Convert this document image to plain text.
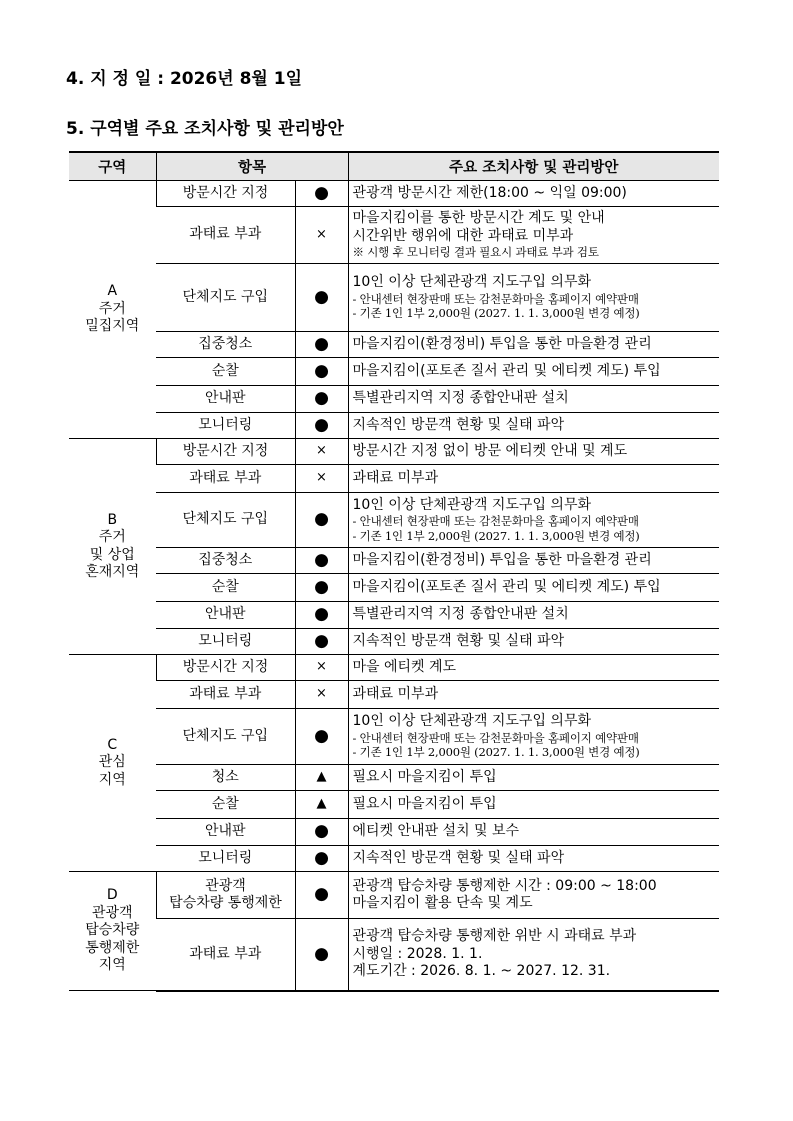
4. 지 정 일 : 2026년 8월 1일
5. 구역별 주요 조치사항 및 관리방안
구역	항목		주요 조치사항 및 관리방안

A
주거
밀집지역	방문시간 지정	●	관광객 방문시간 제한(18:00 ~ 익일 09:00)

	과태료 부과	×	마을지킴이를 통한 방문시간 계도 및 안내
시간위반 행위에 대한 과태료 미부과
※ 시행 후 모니터링 결과 필요시 과태료 부과 검토

	단체지도 구입	●	10인 이상 단체관광객 지도구입 의무화
- 안내센터 현장판매 또는 감천문화마을 홈페이지 예약판매
- 기존 1인 1부 2,000원 (2027. 1. 1. 3,000원 변경 예정)

	집중청소	●	마을지킴이(환경정비) 투입을 통한 마을환경 관리

	순찰	●	마을지킴이(포토존 질서 관리 및 에티켓 계도) 투입

	안내판	●	특별관리지역 지정 종합안내판 설치

	모니터링	●	지속적인 방문객 현황 및 실태 파악

B
주거
및 상업
혼재지역	방문시간 지정	×	방문시간 지정 없이 방문 에티켓 안내 및 계도

	과태료 부과	×	과태료 미부과

	단체지도 구입	●	10인 이상 단체관광객 지도구입 의무화
- 안내센터 현장판매 또는 감천문화마을 홈페이지 예약판매
- 기존 1인 1부 2,000원 (2027. 1. 1. 3,000원 변경 예정)

	집중청소	●	마을지킴이(환경정비) 투입을 통한 마을환경 관리

	순찰	●	마을지킴이(포토존 질서 관리 및 에티켓 계도) 투입

	안내판	●	특별관리지역 지정 종합안내판 설치

	모니터링	●	지속적인 방문객 현황 및 실태 파악

C
관심
지역	방문시간 지정	×	마을 에티켓 계도

	과태료 부과	×	과태료 미부과

	단체지도 구입	●	10인 이상 단체관광객 지도구입 의무화
- 안내센터 현장판매 또는 감천문화마을 홈페이지 예약판매
- 기존 1인 1부 2,000원 (2027. 1. 1. 3,000원 변경 예정)

	청소	▲	필요시 마을지킴이 투입

	순찰	▲	필요시 마을지킴이 투입

	안내판	●	에티켓 안내판 설치 및 보수

	모니터링	●	지속적인 방문객 현황 및 실태 파악

D
관광객
탑승차량
통행제한
지역	관광객
탑승차량 통행제한	●	관광객 탑승차량 통행제한 시간 : 09:00 ~ 18:00
마을지킴이 활용 단속 및 계도

	과태료 부과	●	관광객 탑승차량 통행제한 위반 시 과태료 부과
시행일 : 2028. 1. 1.
계도기간 : 2026. 8. 1. ~ 2027. 12. 31.
